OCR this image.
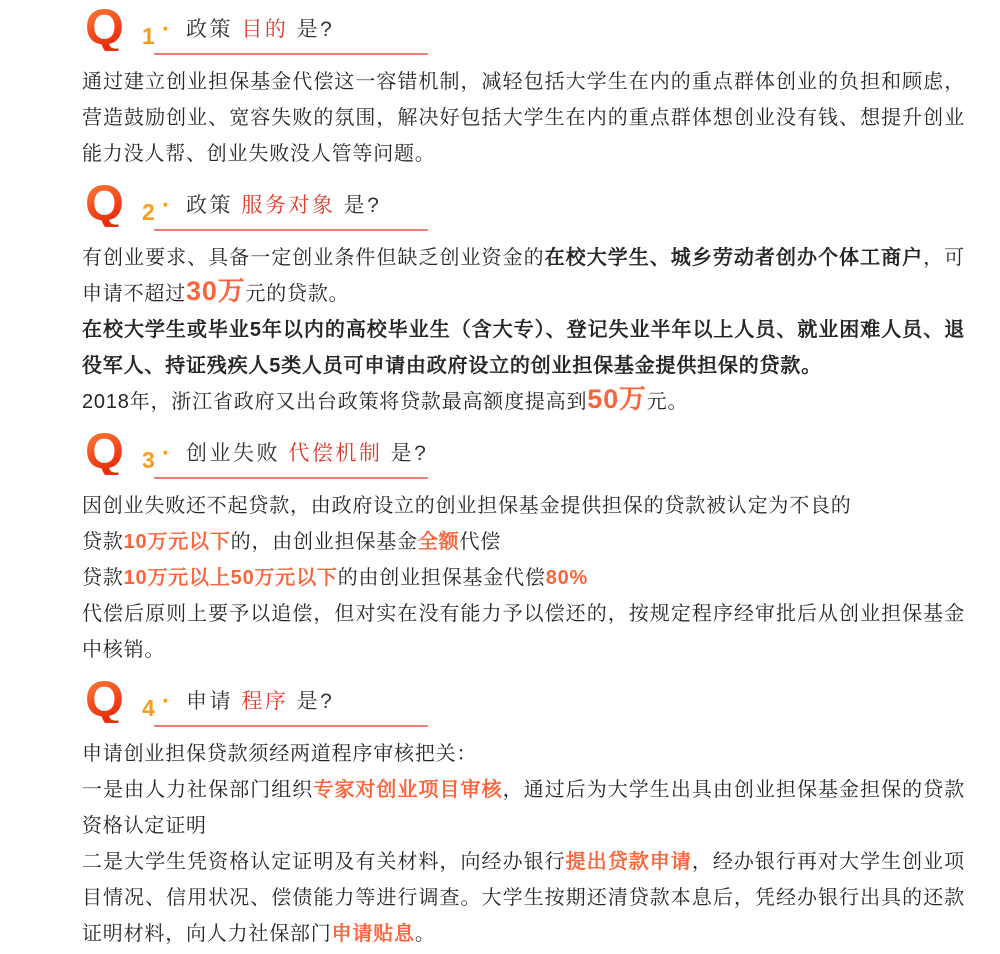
Q 1 · 政策 目的 是?

通过建立创业担保基金代偿这一容错机制，减轻包括大学生在内的重点群体创业的负担和顾虑，营造鼓励创业、宽容失败的氛围，解决好包括大学生在内的重点群体想创业没有钱、想提升创业能力没人帮、创业失败没人管等问题。

Q 2 · 政策 服务对象 是?

有创业要求、具备一定创业条件但缺乏创业资金的在校大学生、城乡劳动者创办个体工商户，可申请不超过30万元的贷款。

在校大学生或毕业5年以内的高校毕业生（含大专）、登记失业半年以上人员、就业困难人员、退役军人、持证残疾人5类人员可申请由政府设立的创业担保基金提供担保的贷款。

2018年，浙江省政府又出台政策将贷款最高额度提高到50万元。

Q 3 · 创业失败 代偿机制 是?

因创业失败还不起贷款，由政府设立的创业担保基金提供担保的贷款被认定为不良的

贷款10万元以下的，由创业担保基金全额代偿

贷款10万元以上50万元以下的由创业担保基金代偿80%

代偿后原则上要予以追偿，但对实在没有能力予以偿还的，按规定程序经审批后从创业担保基金中核销。

Q 4 · 申请 程序 是?

申请创业担保贷款须经两道程序审核把关：

一是由人力社保部门组织专家对创业项目审核，通过后为大学生出具由创业担保基金担保的贷款资格认定证明

二是大学生凭资格认定证明及有关材料，向经办银行提出贷款申请，经办银行再对大学生创业项目情况、信用状况、偿债能力等进行调查。大学生按期还清贷款本息后，凭经办银行出具的还款证明材料，向人力社保部门申请贴息。
